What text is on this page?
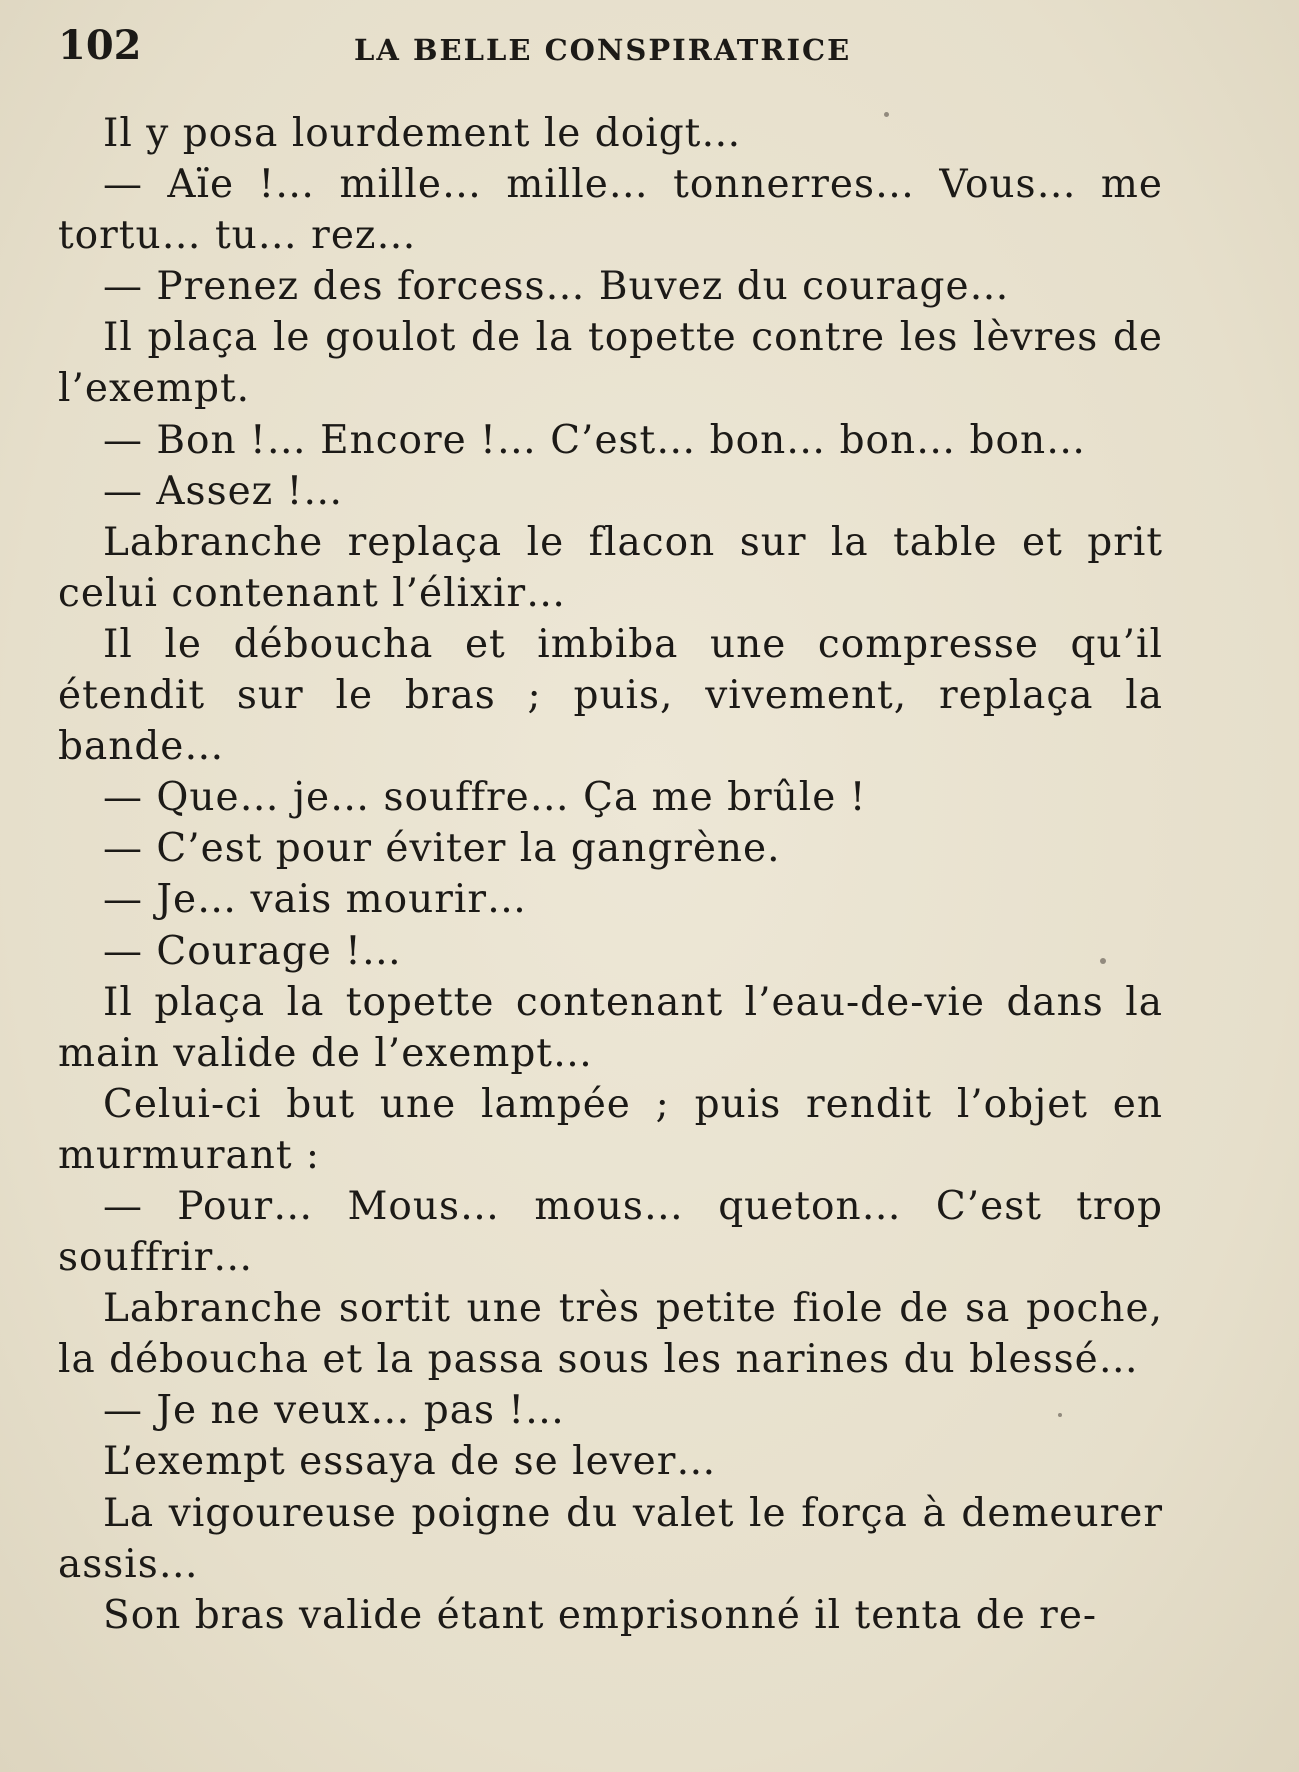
102	LA BELLE CONSPIRATRICE

Il y posa lourdement le doigt…

— Aïe !… mille… mille… tonnerres… Vous… me tortu… tu… rez…

— Prenez des forcess… Buvez du courage…

Il plaça le goulot de la topette contre les lèvres de l’exempt.

— Bon !… Encore !… C’est… bon… bon… bon…

— Assez !…

Labranche replaça le flacon sur la table et prit celui contenant l’élixir…

Il le déboucha et imbiba une compresse qu’il étendit sur le bras ; puis, vivement, replaça la bande…

— Que… je… souffre… Ça me brûle !

— C’est pour éviter la gangrène.

— Je… vais mourir…

— Courage !…

Il plaça la topette contenant l’eau-de-vie dans la main valide de l’exempt…

Celui-ci but une lampée ; puis rendit l’objet en murmurant :

— Pour… Mous… mous… queton… C’est trop souffrir…

Labranche sortit une très petite fiole de sa poche, la déboucha et la passa sous les narines du blessé…

— Je ne veux… pas !…

L’exempt essaya de se lever…

La vigoureuse poigne du valet le força à demeurer assis…

Son bras valide étant emprisonné il tenta de re-
